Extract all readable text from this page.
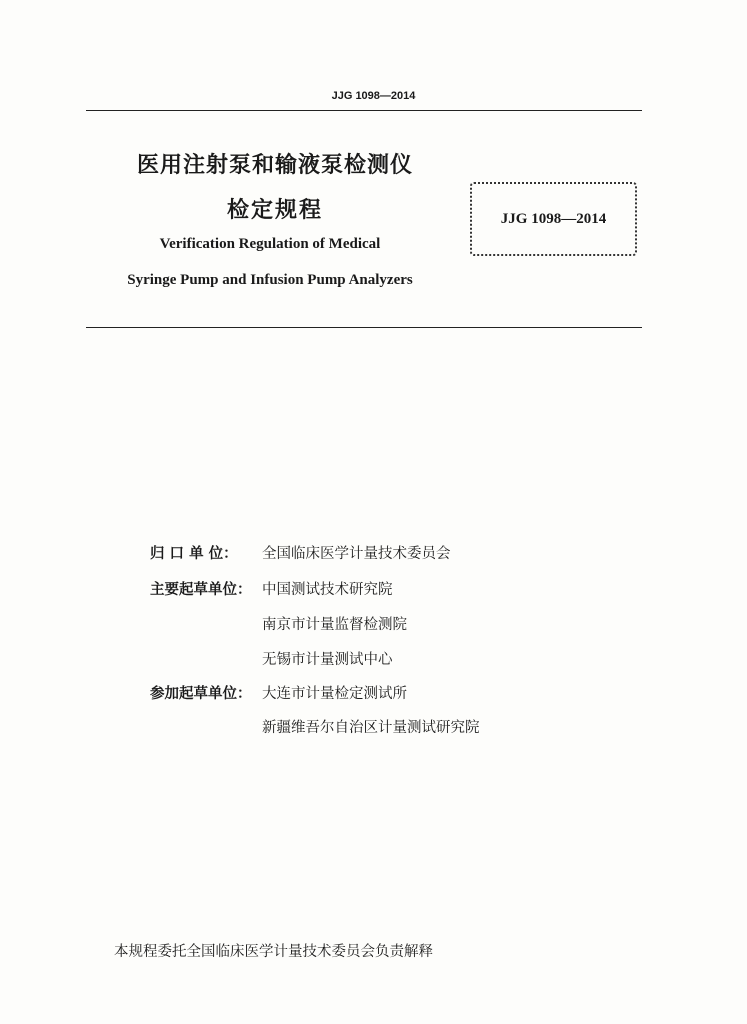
JJG 1098—2014
医用注射泵和输液泵检测仪
检定规程
Verification Regulation of Medical
Syringe Pump and Infusion Pump Analyzers
JJG 1098—2014
归 口 单 位：	全国临床医学计量技术委员会
主要起草单位： 中国测试技术研究院
南京市计量监督检测院
无锡市计量测试中心
参加起草单位： 大连市计量检定测试所
新疆维吾尔自治区计量测试研究院
本规程委托全国临床医学计量技术委员会负责解释
